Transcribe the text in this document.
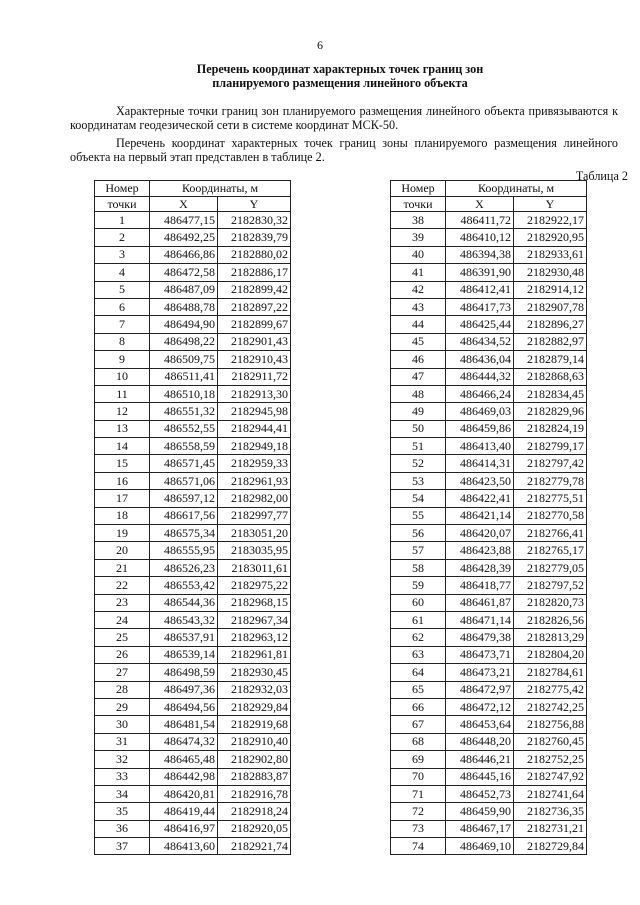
6
Перечень координат характерных точек границ зон
планируемого размещения линейного объекта
Характерные точки границ зон планируемого размещения линейного объекта привязываются к координатам геодезической сети в системе координат МСК-50.
Перечень координат характерных точек границ зоны планируемого размещения линейного объекта на первый этап представлен в таблице 2.
Таблица 2
Номер	Координаты, м	
точки	X	Y
1	486477,15	2182830,32
2	486492,25	2182839,79
3	486466,86	2182880,02
4	486472,58	2182886,17
5	486487,09	2182899,42
6	486488,78	2182897,22
7	486494,90	2182899,67
8	486498,22	2182901,43
9	486509,75	2182910,43
10	486511,41	2182911,72
11	486510,18	2182913,30
12	486551,32	2182945,98
13	486552,55	2182944,41
14	486558,59	2182949,18
15	486571,45	2182959,33
16	486571,06	2182961,93
17	486597,12	2182982,00
18	486617,56	2182997,77
19	486575,34	2183051,20
20	486555,95	2183035,95
21	486526,23	2183011,61
22	486553,42	2182975,22
23	486544,36	2182968,15
24	486543,32	2182967,34
25	486537,91	2182963,12
26	486539,14	2182961,81
27	486498,59	2182930,45
28	486497,36	2182932,03
29	486494,56	2182929,84
30	486481,54	2182919,68
31	486474,32	2182910,40
32	486465,48	2182902,80
33	486442,98	2182883,87
34	486420,81	2182916,78
35	486419,44	2182918,24
36	486416,97	2182920,05
37	486413,60	2182921,74
Номер	Координаты, м	
точки	X	Y
38	486411,72	2182922,17
39	486410,12	2182920,95
40	486394,38	2182933,61
41	486391,90	2182930,48
42	486412,41	2182914,12
43	486417,73	2182907,78
44	486425,44	2182896,27
45	486434,52	2182882,97
46	486436,04	2182879,14
47	486444,32	2182868,63
48	486466,24	2182834,45
49	486469,03	2182829,96
50	486459,86	2182824,19
51	486413,40	2182799,17
52	486414,31	2182797,42
53	486423,50	2182779,78
54	486422,41	2182775,51
55	486421,14	2182770,58
56	486420,07	2182766,41
57	486423,88	2182765,17
58	486428,39	2182779,05
59	486418,77	2182797,52
60	486461,87	2182820,73
61	486471,14	2182826,56
62	486479,38	2182813,29
63	486473,71	2182804,20
64	486473,21	2182784,61
65	486472,97	2182775,42
66	486472,12	2182742,25
67	486453,64	2182756,88
68	486448,20	2182760,45
69	486446,21	2182752,25
70	486445,16	2182747,92
71	486452,73	2182741,64
72	486459,90	2182736,35
73	486467,17	2182731,21
74	486469,10	2182729,84
